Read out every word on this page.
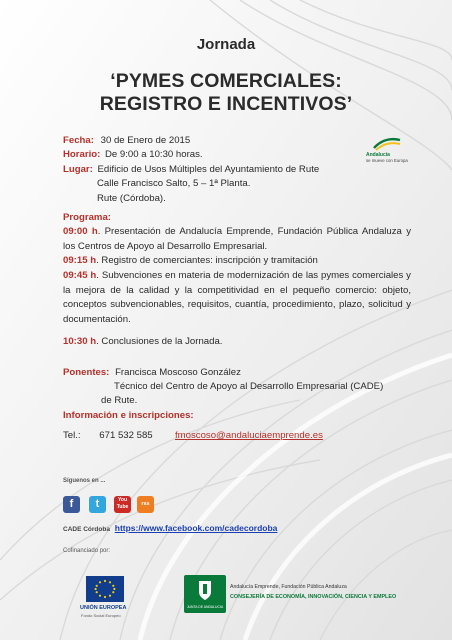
Jornada
‘PYMES COMERCIALES:
REGISTRO E INCENTIVOS’
Fecha: 30 de Enero de 2015
Horario: De 9:00 a 10:30 horas.
Lugar: Edificio de Usos Múltiples del Ayuntamiento de Rute
Calle Francisco Salto, 5 – 1ª Planta.
Rute (Córdoba).
Andalucía
se mueve con Europa
Programa:
09:00 h. Presentación de Andalucía Emprende, Fundación Pública Andaluza y los Centros de Apoyo al Desarrollo Empresarial.
09:15 h. Registro de comerciantes: inscripción y tramitación
09:45 h. Subvenciones en materia de modernización de las pymes comerciales y la mejora de la calidad y la competitividad en el pequeño comercio: objeto, conceptos subvencionables, requisitos, cuantía, procedimiento, plazo, solicitud y documentación.
10:30 h. Conclusiones de la Jornada.
Ponentes: Francisca Moscoso González
Técnico del Centro de Apoyo al Desarrollo Empresarial (CADE)
de Rute.
Información e inscripciones:
Tel.: 671 532 585 fmoscoso@andaluciaemprende.es
Síguenos en ...
f	t	You
Tube	rss
CADE Córdoba https://www.facebook.com/cadecordoba
Cofinanciado por:
UNIÓN EUROPEA
Fondo Social Europeo
JUNTA DE ANDALUCIA
Andalucía Emprende, Fundación Pública Andaluza
CONSEJERÍA DE ECONOMÍA, INNOVACIÓN, CIENCIA Y EMPLEO
